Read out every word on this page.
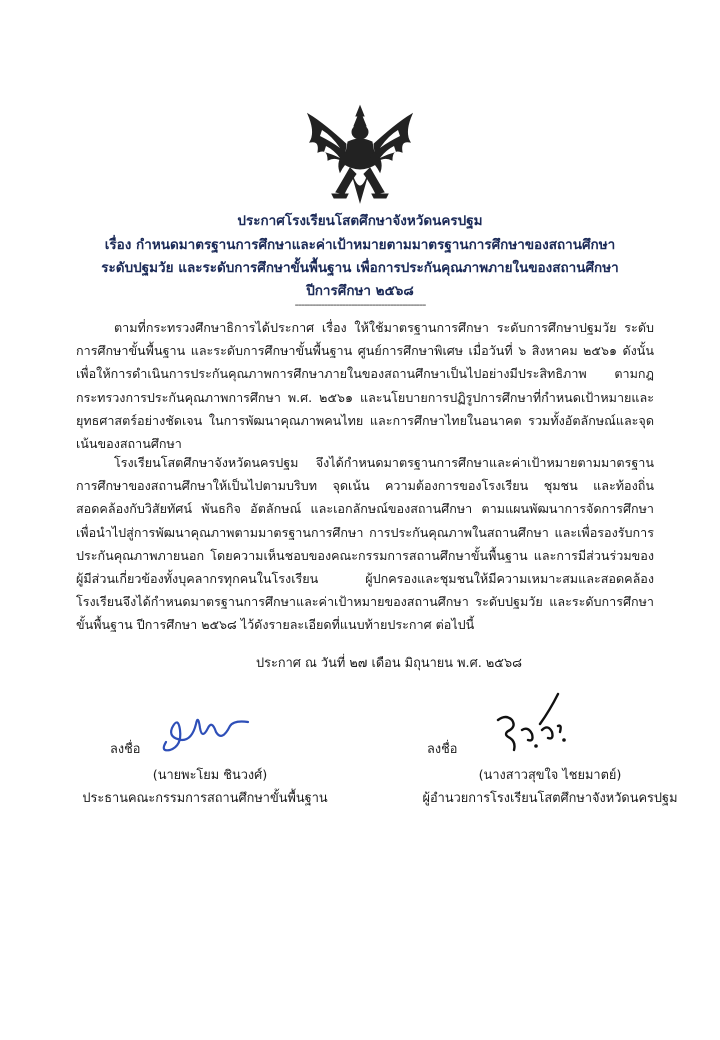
ประกาศโรงเรียนโสตศึกษาจังหวัดนครปฐม
เรื่อง กำหนดมาตรฐานการศึกษาและค่าเป้าหมายตามมาตรฐานการศึกษาของสถานศึกษา
ระดับปฐมวัย และระดับการศึกษาขั้นพื้นฐาน เพื่อการประกันคุณภาพภายในของสถานศึกษา
ปีการศึกษา ๒๕๖๘
--------------------------------------------
ตามที่กระทรวงศึกษาธิการได้ประกาศ เรื่อง ให้ใช้มาตรฐานการศึกษา ระดับการศึกษาปฐมวัย ระดับการศึกษาขั้นพื้นฐาน และระดับการศึกษาขั้นพื้นฐาน ศูนย์การศึกษาพิเศษ เมื่อวันที่ ๖ สิงหาคม ๒๕๖๑ ดังนั้น เพื่อให้การดำเนินการประกันคุณภาพการศึกษาภายในของสถานศึกษาเป็นไปอย่างมีประสิทธิภาพ ตามกฎกระทรวงการประกันคุณภาพการศึกษา พ.ศ. ๒๕๖๑ และนโยบายการปฏิรูปการศึกษาที่กำหนดเป้าหมายและยุทธศาสตร์อย่างชัดเจน ในการพัฒนาคุณภาพคนไทย และการศึกษาไทยในอนาคต รวมทั้งอัตลักษณ์และจุดเน้นของสถานศึกษา
โรงเรียนโสตศึกษาจังหวัดนครปฐม จึงได้กำหนดมาตรฐานการศึกษาและค่าเป้าหมายตามมาตรฐานการศึกษาของสถานศึกษาให้เป็นไปตามบริบท จุดเน้น ความต้องการของโรงเรียน ชุมชน และท้องถิ่น สอดคล้องกับวิสัยทัศน์ พันธกิจ อัตลักษณ์ และเอกลักษณ์ของสถานศึกษา ตามแผนพัฒนาการจัดการศึกษา เพื่อนำไปสู่การพัฒนาคุณภาพตามมาตรฐานการศึกษา การประกันคุณภาพในสถานศึกษา และเพื่อรองรับการประกันคุณภาพภายนอก โดยความเห็นชอบของคณะกรรมการสถานศึกษาขั้นพื้นฐาน และการมีส่วนร่วมของผู้มีส่วนเกี่ยวข้องทั้งบุคลากรทุกคนในโรงเรียน ผู้ปกครองและชุมชนให้มีความเหมาะสมและสอดคล้อง โรงเรียนจึงได้กำหนดมาตรฐานการศึกษาและค่าเป้าหมายของสถานศึกษา ระดับปฐมวัย และระดับการศึกษาขั้นพื้นฐาน ปีการศึกษา ๒๕๖๘ ไว้ดังรายละเอียดที่แนบท้ายประกาศ ต่อไปนี้
ประกาศ ณ วันที่ ๒๗ เดือน มิถุนายน พ.ศ. ๒๕๖๘
ลงชื่อ
(นายพะโยม ชินวงศ์)
ประธานคณะกรรมการสถานศึกษาขั้นพื้นฐาน
ลงชื่อ
(นางสาวสุขใจ ไชยมาตย์)
ผู้อำนวยการโรงเรียนโสตศึกษาจังหวัดนครปฐม
